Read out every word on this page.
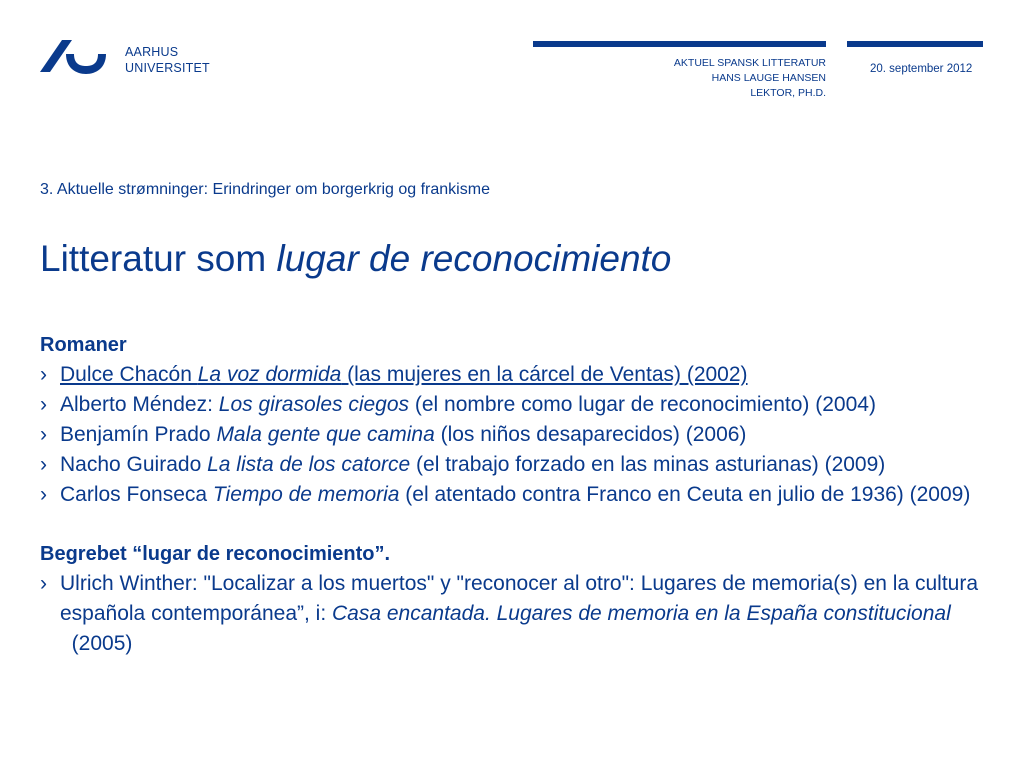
AARHUS
UNIVERSITET	AKTUEL SPANSK LITTERATUR
HANS LAUGE HANSEN
LEKTOR, PH.D.
20. september 2012
3. Aktuelle strømninger: Erindringer om borgerkrig og frankisme
Litteratur som lugar de reconocimiento
Romaner
› Dulce Chacón La voz dormida (las mujeres en la cárcel de Ventas) (2002)
› Alberto Méndez: Los girasoles ciegos (el nombre como lugar de reconocimiento) (2004)
› Benjamín Prado Mala gente que camina (los niños desaparecidos) (2006)
› Nacho Guirado La lista de los catorce (el trabajo forzado en las minas asturianas) (2009)
› Carlos Fonseca Tiempo de memoria (el atentado contra Franco en Ceuta en julio de 1936) (2009)
Begrebet “lugar de reconocimiento”.
› Ulrich Winther: "Localizar a los muertos" y "reconocer al otro": Lugares de memoria(s) en la cultura española contemporánea”, i: Casa encantada. Lugares de memoria en la España constitucional  (2005)
